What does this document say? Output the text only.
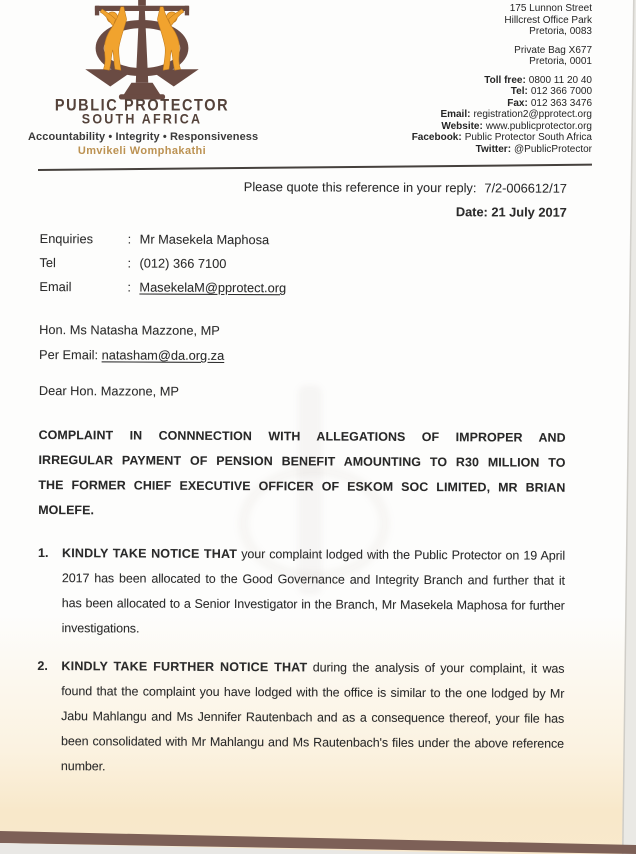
PUBLIC PROTECTOR
SOUTH AFRICA
Accountability • Integrity • Responsiveness
Umvikeli Womphakathi
175 Lunnon Street
Hillcrest Office Park
Pretoria, 0083
Private Bag X677
Pretoria, 0001
Toll free: 0800 11 20 40
Tel: 012 366 7000
Fax: 012 363 3476
Email: registration2@pprotect.org
Website: www.publicprotector.org
Facebook: Public Protector South Africa
Twitter: @PublicProtector
Please quote this reference in your reply: 7/2-006612/17
Date: 21 July 2017
Enquiries	: Mr Masekela Maphosa
Tel	: (012) 366 7100
Email	: MasekelaM@pprotect.org
Hon. Ms Natasha Mazzone, MP
Per Email: natasham@da.org.za
Dear Hon. Mazzone, MP
COMPLAINT IN CONNNECTION WITH ALLEGATIONS OF IMPROPER AND IRREGULAR PAYMENT OF PENSION BENEFIT AMOUNTING TO R30 MILLION TO THE FORMER CHIEF EXECUTIVE OFFICER OF ESKOM SOC LIMITED, MR BRIAN MOLEFE.
1.	KINDLY TAKE NOTICE THAT your complaint lodged with the Public Protector on 19 April 2017 has been allocated to the Good Governance and Integrity Branch and further that it has been allocated to a Senior Investigator in the Branch, Mr Masekela Maphosa for further investigations.
2.	KINDLY TAKE FURTHER NOTICE THAT during the analysis of your complaint, it was found that the complaint you have lodged with the office is similar to the one lodged by Mr Jabu Mahlangu and Ms Jennifer Rautenbach and as a consequence thereof, your file has been consolidated with Mr Mahlangu and Ms Rautenbach's files under the above reference number.
